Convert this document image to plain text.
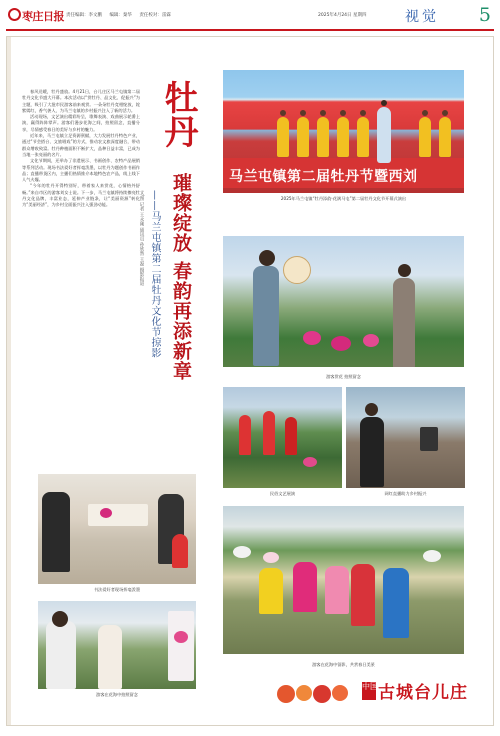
枣庄日报 责任编辑：李文鹏 编辑：秦华 责任校对：雷霖	2025年4月24日 星期四	视觉 5

春风送暖，牡丹盛放。4月21日，台儿庄区马兰屯镇第二届牡丹文化节盛大开幕。本次活动以“赏牡丹、品文化、促振兴”为主题，吸引了大批市民游客前来观赏。一朵朵牡丹竞相绽放，姹紫嫣红，香气袭人，为马兰屯镇的乡村振兴注入了新的活力。

活动现场，文艺演出精彩纷呈，歌舞表演、戏曲展示轮番上演，赢得阵阵掌声。游客们漫步花海之间，拍照留念，直播分享，尽情感受春日的美好与乡村的魅力。

近年来，马兰屯镇立足资源禀赋，大力发展牡丹特色产业，通过“节会搭台、文旅唱戏”的方式，推动农文旅深度融合，带动群众增收致富。牡丹种植面积不断扩大，品种日益丰富，已成为当地一张亮丽的名片。

文化节期间，还举办了非遗展示、书画创作、农特产品展销等系列活动。现场书法爱好者挥毫泼墨，以牡丹为题创作书画作品；直播带货区内，主播们热情推介本地特色农产品，线上线下人气火爆。

“今年的牡丹开得特别好，带着家人来赏花，心情格外舒畅。”来自市区的游客刘女士说。下一步，马兰屯镇将持续擦亮牡丹文化品牌，丰富业态，延伸产业链条，让“美丽资源”转化为“美丽经济”，为乡村全面振兴注入强劲动能。

牡丹
璀璨绽放 春韵再添新章
——马兰屯镇第二届牡丹文化节掠影
文/图 记者 王永刚 通讯员 孙欣然 王磊 摄影报道
马兰屯镇第二届牡丹节暨西刘
2025年马兰屯镇“牡丹添韵·花满马屯”第二届牡丹文化节开幕式演出
游客赏花 拍照留念
民俗文艺展演	网红直播助力乡村振兴
游客在花海中留影，共赏春日美景
书法爱好者现场挥毫泼墨
游客在花海中拍照留念
中国古城台儿庄
